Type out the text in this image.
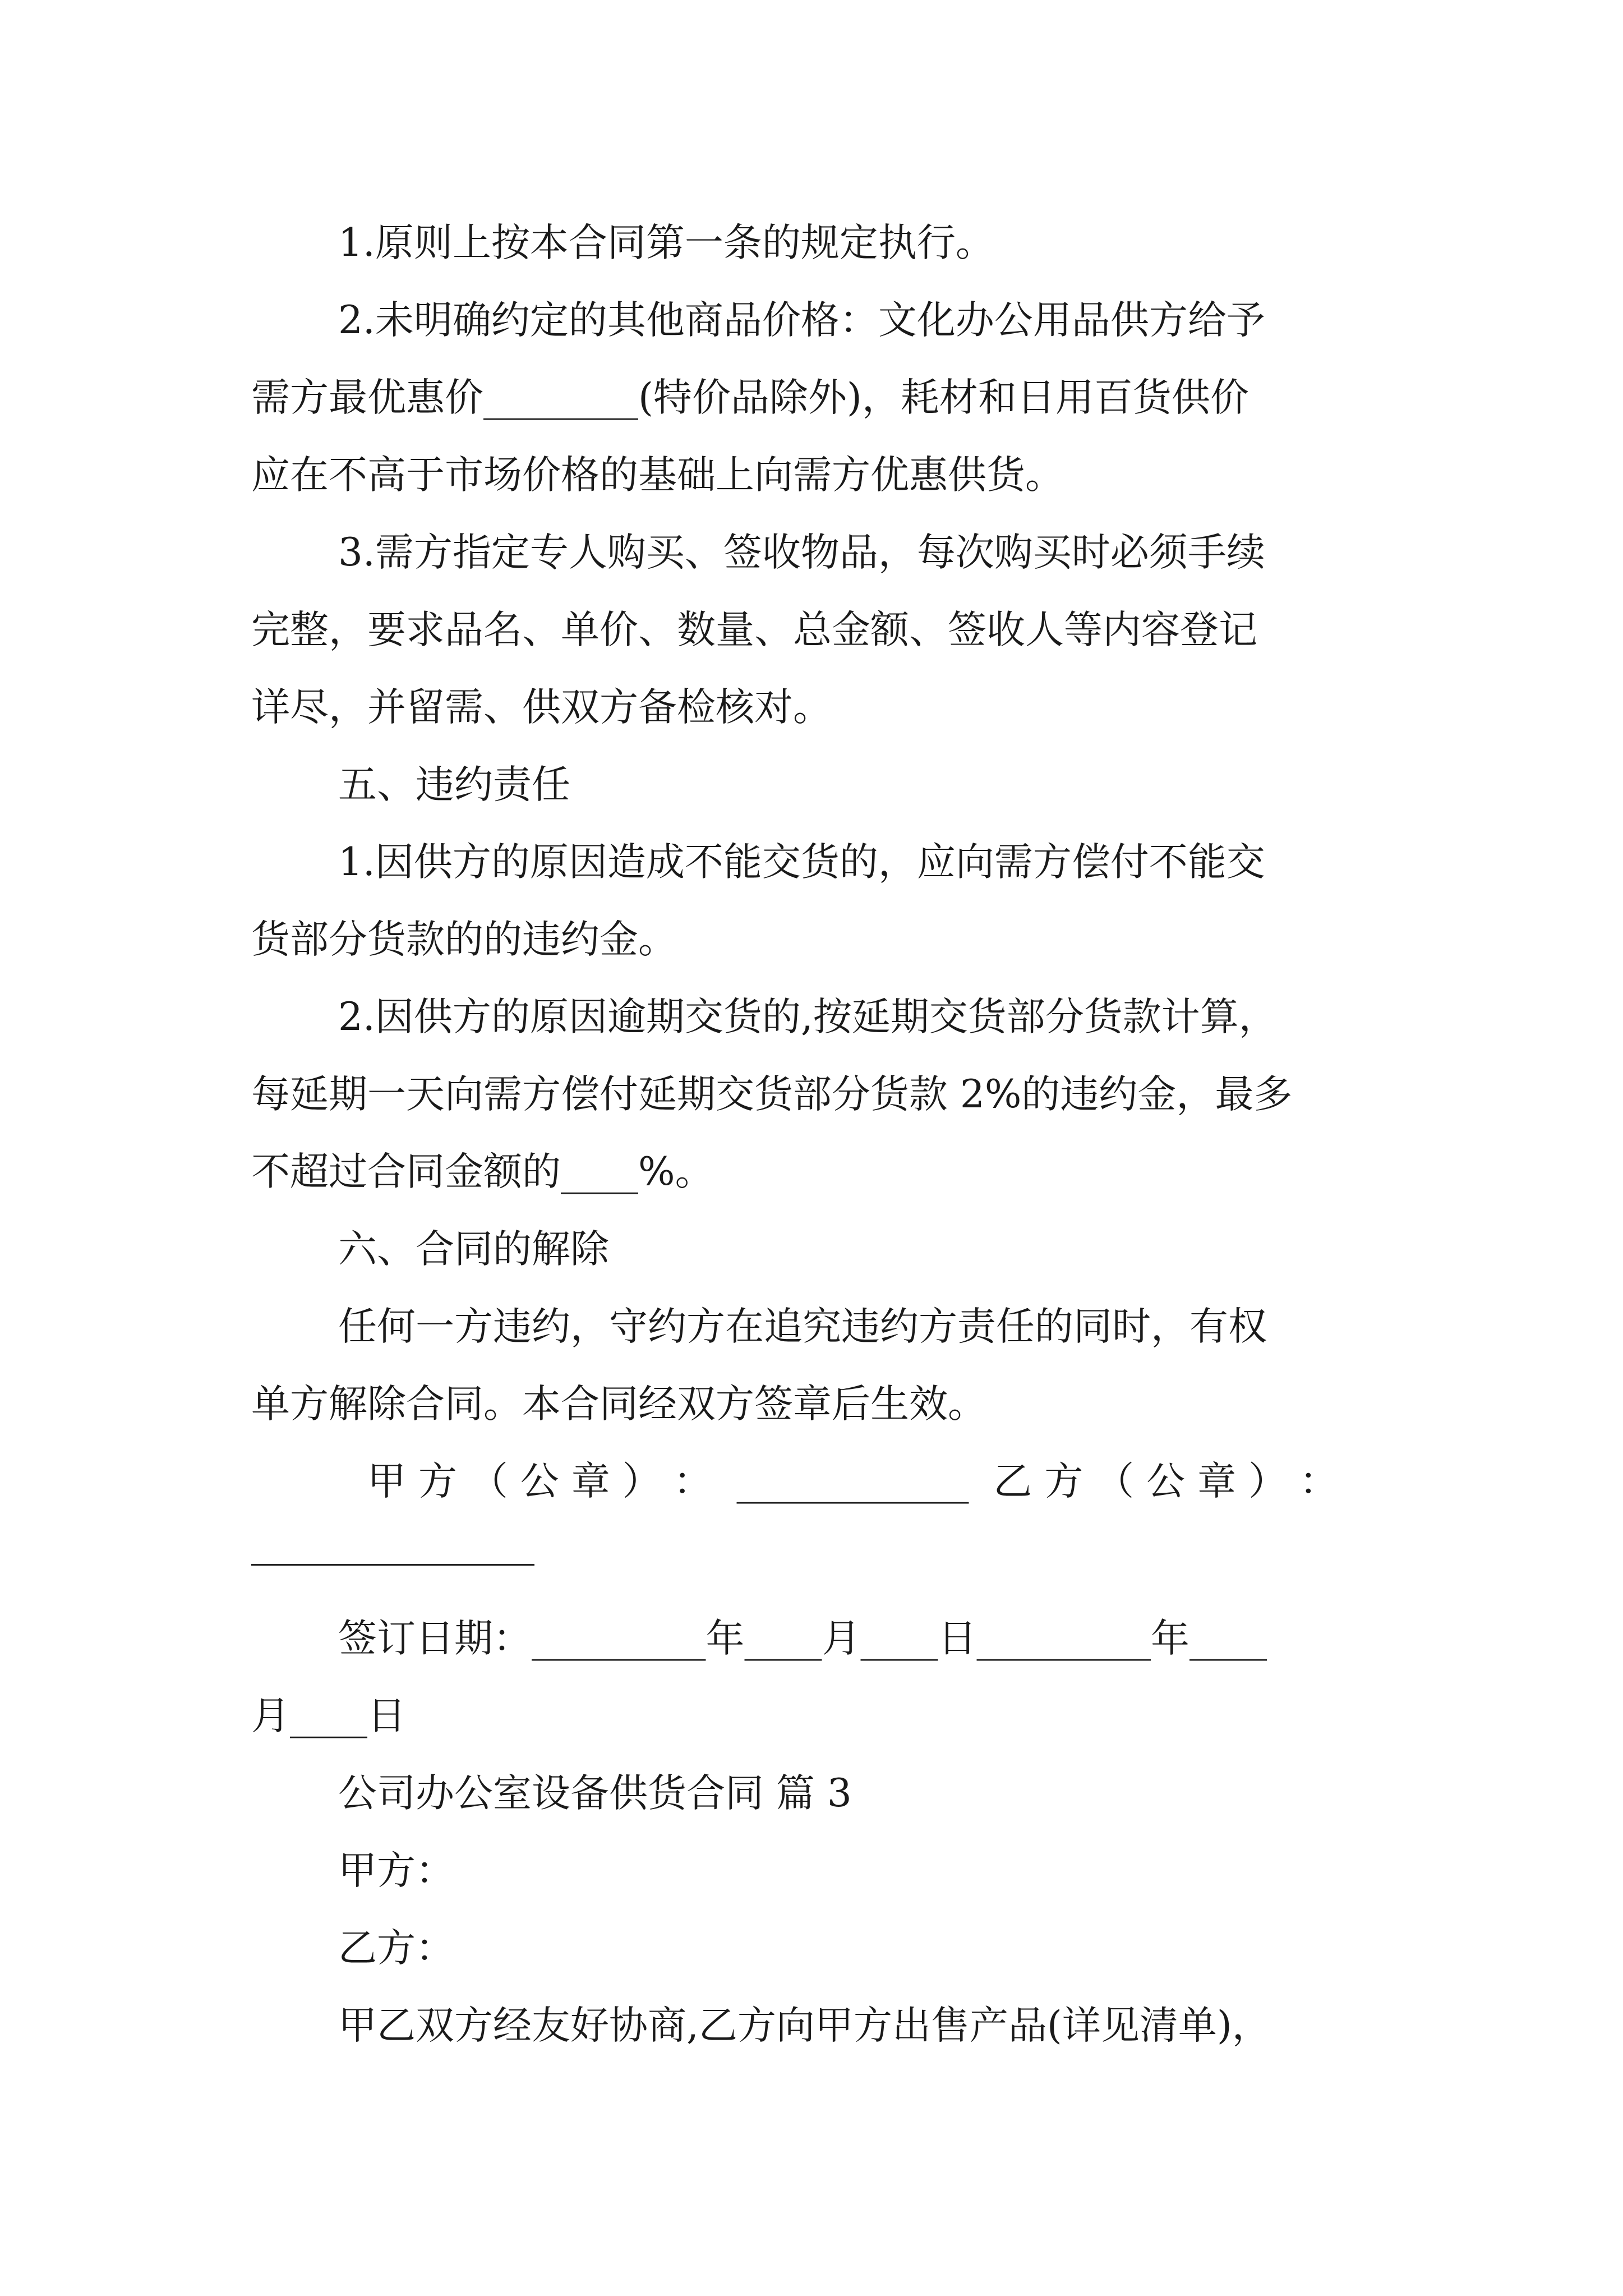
1.原则上按本合同第一条的规定执行。
2.未明确约定的其他商品价格：文化办公用品供方给予
需方最优惠价________(特价品除外)，耗材和日用百货供价
应在不高于市场价格的基础上向需方优惠供货。
3.需方指定专人购买、签收物品，每次购买时必须手续
完整，要求品名、单价、数量、总金额、签收人等内容登记
详尽，并留需、供双方备检核对。
五、违约责任
1.因供方的原因造成不能交货的，应向需方偿付不能交
货部分货款的的违约金。
2.因供方的原因逾期交货的,按延期交货部分货款计算，
每延期一天向需方偿付延期交货部分货款 2%的违约金，最多
不超过合同金额的____%。
六、合同的解除
任何一方违约，守约方在追究违约方责任的同时，有权
单方解除合同。本合同经双方签章后生效。
甲 方 （ 公 章 ） ：  ____________  乙 方 （ 公 章 ） ：
签订日期：_________年____月____日_________年____
月____日
公司办公室设备供货合同 篇 3
甲方：
乙方：
甲乙双方经友好协商,乙方向甲方出售产品(详见清单)，
